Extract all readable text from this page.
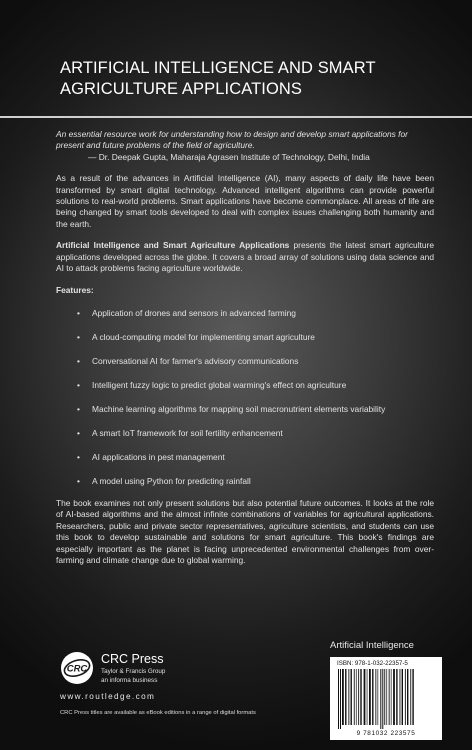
ARTIFICIAL INTELLIGENCE AND SMART AGRICULTURE APPLICATIONS

An essential resource work for understanding how to design and develop smart applications for present and future problems of the field of agriculture.

— Dr. Deepak Gupta, Maharaja Agrasen Institute of Technology, Delhi, India

As a result of the advances in Artificial Intelligence (AI), many aspects of daily life have been transformed by smart digital technology. Advanced intelligent algorithms can provide powerful solutions to real-world problems. Smart applications have become commonplace. All areas of life are being changed by smart tools developed to deal with complex issues challenging both humanity and the earth.

Artificial Intelligence and Smart Agriculture Applications presents the latest smart agriculture applications developed across the globe. It covers a broad array of solutions using data science and AI to attack problems facing agriculture worldwide.

Features:
• Application of drones and sensors in advanced farming
• A cloud-computing model for implementing smart agriculture
• Conversational AI for farmer's advisory communications
• Intelligent fuzzy logic to predict global warming's effect on agriculture
• Machine learning algorithms for mapping soil macronutrient elements variability
• A smart IoT framework for soil fertility enhancement
• AI applications in pest management
• A model using Python for predicting rainfall

The book examines not only present solutions but also potential future outcomes. It looks at the role of AI-based algorithms and the almost infinite combinations of variables for agricultural applications. Researchers, public and private sector representatives, agriculture scientists, and students can use this book to develop sustainable and solutions for smart agriculture. This book's findings are especially important as the planet is facing unprecedented environmental challenges from over-farming and climate change due to global warming.

Artificial Intelligence
CRC
CRC Press
Taylor & Francis Group
an informa business
www.routledge.com
CRC Press titles are available as eBook editions in a range of digital formats
ISBN: 978-1-032-22357-5
9 781032 223575
